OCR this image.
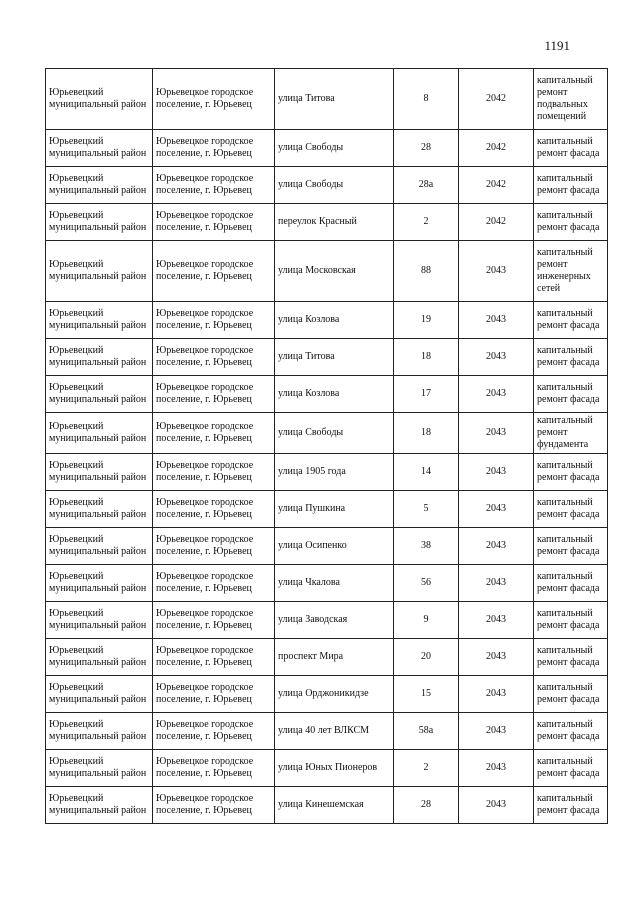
1191
Юрьевецкий муниципальный район	Юрьевецкое городское поселение, г. Юрьевец	улица Титова	8	2042	капитальный ремонт подвальных помещений
Юрьевецкий муниципальный район	Юрьевецкое городское поселение, г. Юрьевец	улица Свободы	28	2042	капитальный ремонт фасада
Юрьевецкий муниципальный район	Юрьевецкое городское поселение, г. Юрьевец	улица Свободы	28а	2042	капитальный ремонт фасада
Юрьевецкий муниципальный район	Юрьевецкое городское поселение, г. Юрьевец	переулок Красный	2	2042	капитальный ремонт фасада
Юрьевецкий муниципальный район	Юрьевецкое городское поселение, г. Юрьевец	улица Московская	88	2043	капитальный ремонт инженерных сетей
Юрьевецкий муниципальный район	Юрьевецкое городское поселение, г. Юрьевец	улица Козлова	19	2043	капитальный ремонт фасада
Юрьевецкий муниципальный район	Юрьевецкое городское поселение, г. Юрьевец	улица Титова	18	2043	капитальный ремонт фасада
Юрьевецкий муниципальный район	Юрьевецкое городское поселение, г. Юрьевец	улица Козлова	17	2043	капитальный ремонт фасада
Юрьевецкий муниципальный район	Юрьевецкое городское поселение, г. Юрьевец	улица Свободы	18	2043	капитальный ремонт фундамента
Юрьевецкий муниципальный район	Юрьевецкое городское поселение, г. Юрьевец	улица 1905 года	14	2043	капитальный ремонт фасада
Юрьевецкий муниципальный район	Юрьевецкое городское поселение, г. Юрьевец	улица Пушкина	5	2043	капитальный ремонт фасада
Юрьевецкий муниципальный район	Юрьевецкое городское поселение, г. Юрьевец	улица Осипенко	38	2043	капитальный ремонт фасада
Юрьевецкий муниципальный район	Юрьевецкое городское поселение, г. Юрьевец	улица Чкалова	56	2043	капитальный ремонт фасада
Юрьевецкий муниципальный район	Юрьевецкое городское поселение, г. Юрьевец	улица Заводская	9	2043	капитальный ремонт фасада
Юрьевецкий муниципальный район	Юрьевецкое городское поселение, г. Юрьевец	проспект Мира	20	2043	капитальный ремонт фасада
Юрьевецкий муниципальный район	Юрьевецкое городское поселение, г. Юрьевец	улица Орджоникидзе	15	2043	капитальный ремонт фасада
Юрьевецкий муниципальный район	Юрьевецкое городское поселение, г. Юрьевец	улица 40 лет ВЛКСМ	58а	2043	капитальный ремонт фасада
Юрьевецкий муниципальный район	Юрьевецкое городское поселение, г. Юрьевец	улица Юных Пионеров	2	2043	капитальный ремонт фасада
Юрьевецкий муниципальный район	Юрьевецкое городское поселение, г. Юрьевец	улица Кинешемская	28	2043	капитальный ремонт фасада
